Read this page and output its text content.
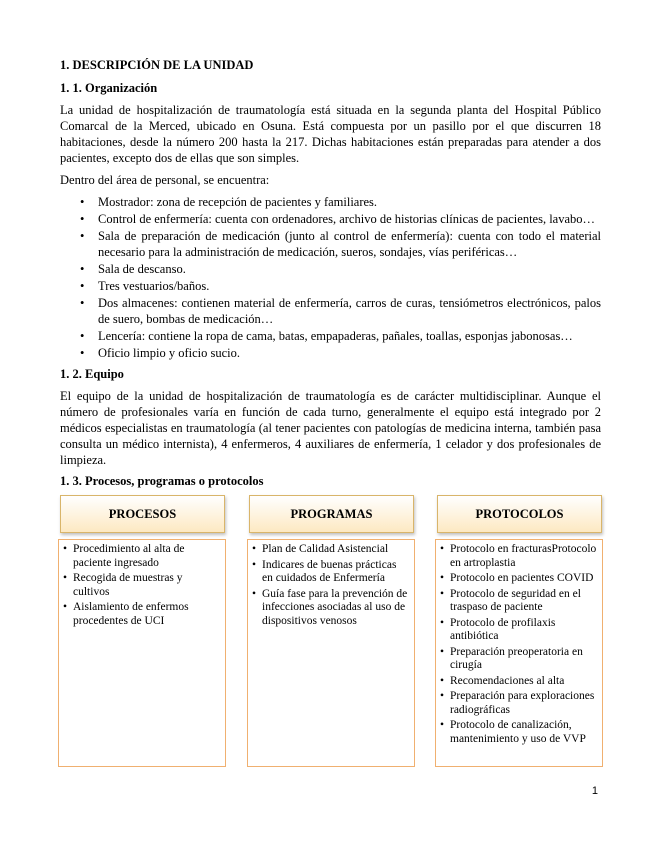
1. DESCRIPCIÓN DE LA UNIDAD
1. 1. Organización

La unidad de hospitalización de traumatología está situada en la segunda planta del Hospital Público Comarcal de la Merced, ubicado en Osuna. Está compuesta por un pasillo por el que discurren 18 habitaciones, desde la número 200 hasta la 217. Dichas habitaciones están preparadas para atender a dos pacientes, excepto dos de ellas que son simples.

Dentro del área de personal, se encuentra:

• Mostrador: zona de recepción de pacientes y familiares.
• Control de enfermería: cuenta con ordenadores, archivo de historias clínicas de pacientes, lavabo…
• Sala de preparación de medicación (junto al control de enfermería): cuenta con todo el material necesario para la administración de medicación, sueros, sondajes, vías periféricas…
• Sala de descanso.
• Tres vestuarios/baños.
• Dos almacenes: contienen material de enfermería, carros de curas, tensiómetros electrónicos, palos de suero, bombas de medicación…
• Lencería: contiene la ropa de cama, batas, empapaderas, pañales, toallas, esponjas jabonosas…
• Oficio limpio y oficio sucio.
1. 2. Equipo

El equipo de la unidad de hospitalización de traumatología es de carácter multidisciplinar. Aunque el número de profesionales varía en función de cada turno, generalmente el equipo está integrado por 2 médicos especialistas en traumatología (al tener pacientes con patologías de medicina interna, también pasa consulta un médico internista), 4 enfermeros, 4 auxiliares de enfermería, 1 celador y dos profesionales de limpieza.

1. 3. Procesos, programas o protocolos
PROCESOS
• Procedimiento al alta de paciente ingresado
• Recogida de muestras y cultivos
• Aislamiento de enfermos procedentes de UCI
PROGRAMAS
• Plan de Calidad Asistencial
• Indicares de buenas prácticas en cuidados de Enfermería
• Guía fase para la prevención de infecciones asociadas al uso de dispositivos venosos
PROTOCOLOS
• Protocolo en fracturasProtocolo en artroplastia
• Protocolo en pacientes COVID
• Protocolo de seguridad en el traspaso de paciente
• Protocolo de profilaxis antibiótica
• Preparación preoperatoria en cirugía
• Recomendaciones al alta
• Preparación para exploraciones radiográficas
• Protocolo de canalización, mantenimiento y uso de VVP
1
